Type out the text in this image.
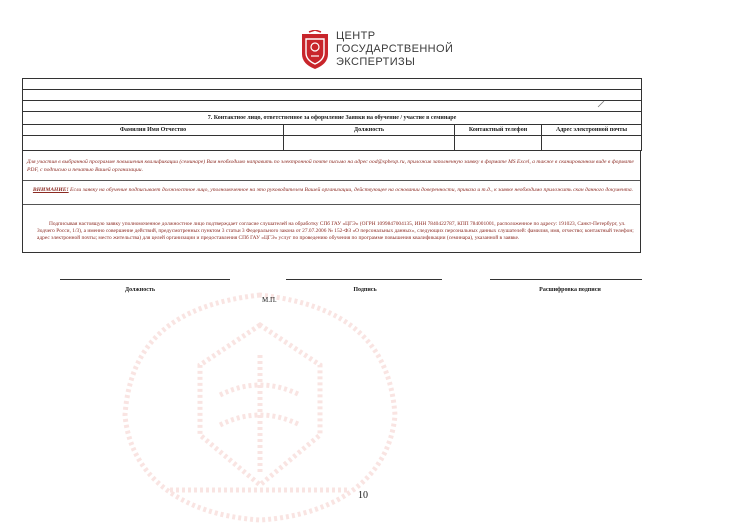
ЦЕНТР
ГОСУДАРСТВЕННОЙ
ЭКСПЕРТИЗЫ

7. Контактное лицо, ответственное за оформление Заявки на обучение / участие в семинаре			
Фамилия Имя Отчество	Должность	Контактный телефон	Адрес электронной почты

Для участия в выбранной программе повышения квалификации (семинаре) Вам необходимо направить по электронной почте письмо на адрес ood@spbexp.ru, приложив заполненную заявку в формате MS Excel, а также в сканированном виде в формате PDF, с подписью и печатью Вашей организации.
ВНИМАНИЕ! Если заявку на обучение подписывает должностное лицо, уполномоченное на это руководителем Вашей организации, действующее на основании доверенности, приказа и т.д., к заявке необходимо приложить скан данного документа.
Подписывая настоящую заявку уполномоченное должностное лицо подтверждает согласие слушателей на обработку СПб ГАУ «ЦГЭ» (ОГРН 1099847004135, ИНН 7840422787, КПП 784001001, расположенное по адресу: 191023, Санкт-Петербург, ул. Зодчего Росси, 1/3), а именно совершение действий, предусмотренных пунктом 3 статьи 3 Федерального закона от 27.07.2006 № 152-ФЗ «О персональных данных», следующих персональных данных слушателей: фамилия, имя, отчество; контактный телефон; адрес электронной почты; место жительства) для целей организации и предоставления СПб ГАУ «ЦГЭ» услуг по проведению обучения по программе повышения квалификации (семинара), указанной в заявке.
Должность	Подпись	Расшифровка подписи
М.П.
10
